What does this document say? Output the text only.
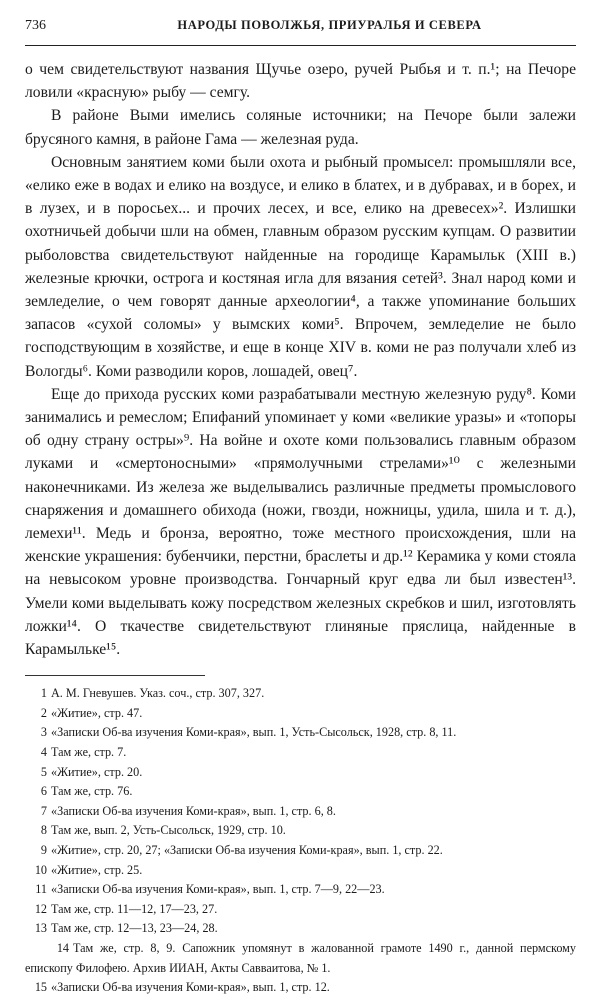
736	НАРОДЫ ПОВОЛЖЬЯ, ПРИУРАЛЬЯ И СЕВЕРА

о чем свидетельствуют названия Щучье озеро, ручей Рыбья и т. п.¹; на Печоре ловили «красную» рыбу — семгу.

В районе Выми имелись соляные источники; на Печоре были залежи брусяного камня, в районе Гама — железная руда.

Основным занятием коми были охота и рыбный промысел: промышляли все, «елико еже в водах и елико на воздусе, и елико в блатех, и в дубравах, и в борех, и в лузех, и в поросьех... и прочих лесех, и все, елико на древесех»². Излишки охотничьей добычи шли на обмен, главным образом русским купцам. О развитии рыболовства свидетельствуют найденные на городище Карамыльк (XIII в.) железные крючки, острога и костяная игла для вязания сетей³. Знал народ коми и земледелие, о чем говорят данные археологии⁴, а также упоминание больших запасов «сухой соломы» у вымских коми⁵. Впрочем, земледелие не было господствующим в хозяйстве, и еще в конце XIV в. коми не раз получали хлеб из Вологды⁶. Коми разводили коров, лошадей, овец⁷.

Еще до прихода русских коми разрабатывали местную железную руду⁸. Коми занимались и ремеслом; Епифаний упоминает у коми «великие уразы» и «топоры об одну страну остры»⁹. На войне и охоте коми пользовались главным образом луками и «смертоносными» «прямолучными стрелами»¹⁰ с железными наконечниками. Из железа же выделывались различные предметы промыслового снаряжения и домашнего обихода (ножи, гвозди, ножницы, удила, шила и т. д.), лемехи¹¹. Медь и бронза, вероятно, тоже местного происхождения, шли на женские украшения: бубенчики, перстни, браслеты и др.¹² Керамика у коми стояла на невысоком уровне производства. Гончарный круг едва ли был известен¹³. Умели коми выделывать кожу посредством железных скребков и шил, изготовлять ложки¹⁴. О ткачестве свидетельствуют глиняные пряслица, найденные в Карамыльке¹⁵.

1 А. М. Гневушев. Указ. соч., стр. 307, 327.

2 «Житие», стр. 47.

3 «Записки Об-ва изучения Коми-края», вып. 1, Усть-Сысольск, 1928, стр. 8, 11.

4 Там же, стр. 7.

5 «Житие», стр. 20.

6 Там же, стр. 76.

7 «Записки Об-ва изучения Коми-края», вып. 1, стр. 6, 8.

8 Там же, вып. 2, Усть-Сысольск, 1929, стр. 10.

9 «Житие», стр. 20, 27; «Записки Об-ва изучения Коми-края», вып. 1, стр. 22.

10 «Житие», стр. 25.

11 «Записки Об-ва изучения Коми-края», вып. 1, стр. 7—9, 22—23.

12 Там же, стр. 11—12, 17—23, 27.

13 Там же, стр. 12—13, 23—24, 28.

14 Там же, стр. 8, 9. Сапожник упомянут в жалованной грамоте 1490 г., данной пермскому епископу Филофею. Архив ИИАН, Акты Савваитова, № 1.

15 «Записки Об-ва изучения Коми-края», вып. 1, стр. 12.
